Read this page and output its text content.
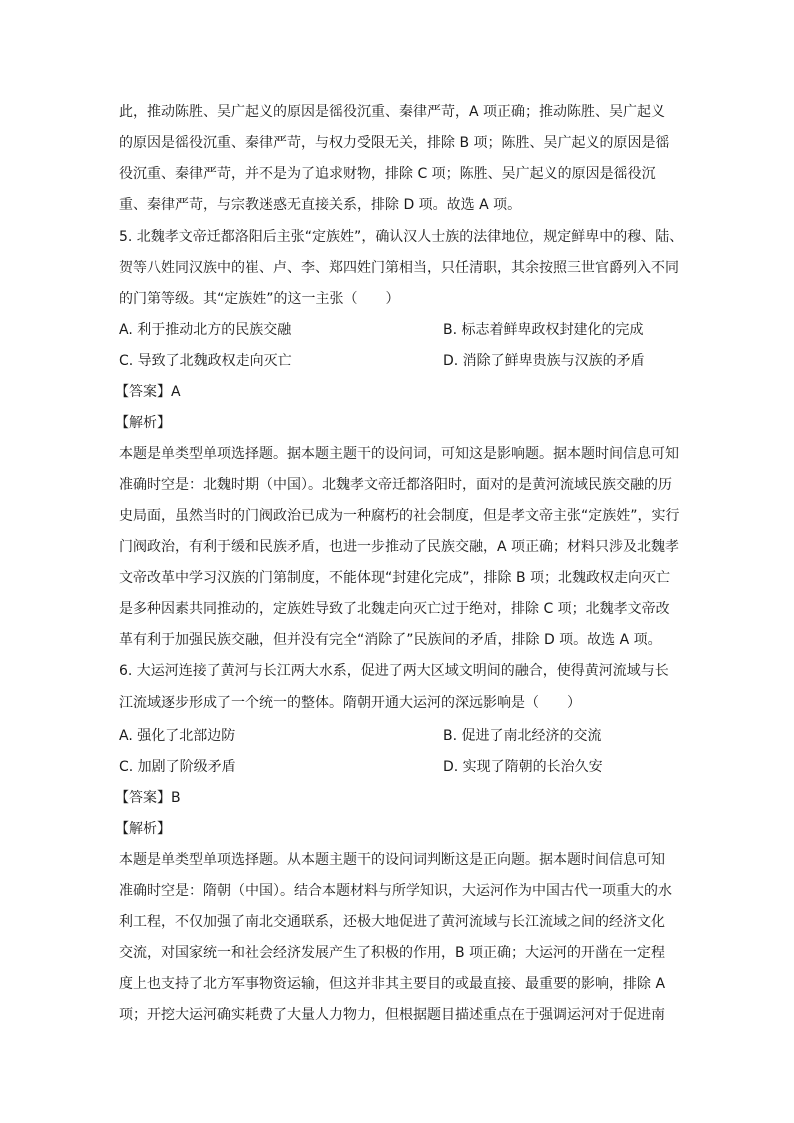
此，推动陈胜、吴广起义的原因是徭役沉重、秦律严苛，A 项正确；推动陈胜、吴广起义
的原因是徭役沉重、秦律严苛，与权力受限无关，排除 B 项；陈胜、吴广起义的原因是徭
役沉重、秦律严苛，并不是为了追求财物，排除 C 项；陈胜、吴广起义的原因是徭役沉
重、秦律严苛，与宗教迷惑无直接关系，排除 D 项。故选 A 项。
5. 北魏孝文帝迁都洛阳后主张“定族姓”，确认汉人士族的法律地位，规定鲜卑中的穆、陆、
贺等八姓同汉族中的崔、卢、李、郑四姓门第相当，只任清职，其余按照三世官爵列入不同
的门第等级。其“定族姓”的这一主张（　　）
A. 利于推动北方的民族交融	B. 标志着鲜卑政权封建化的完成
C. 导致了北魏政权走向灭亡	D. 消除了鲜卑贵族与汉族的矛盾
【答案】A
【解析】
本题是单类型单项选择题。据本题主题干的设问词，可知这是影响题。据本题时间信息可知
准确时空是：北魏时期（中国）。北魏孝文帝迁都洛阳时，面对的是黄河流域民族交融的历
史局面，虽然当时的门阀政治已成为一种腐朽的社会制度，但是孝文帝主张“定族姓”，实行
门阀政治，有利于缓和民族矛盾，也进一步推动了民族交融，A 项正确；材料只涉及北魏孝
文帝改革中学习汉族的门第制度，不能体现“封建化完成”，排除 B 项；北魏政权走向灭亡
是多种因素共同推动的，定族姓导致了北魏走向灭亡过于绝对，排除 C 项；北魏孝文帝改
革有利于加强民族交融，但并没有完全“消除了”民族间的矛盾，排除 D 项。故选 A 项。
6. 大运河连接了黄河与长江两大水系，促进了两大区域文明间的融合，使得黄河流域与长
江流域逐步形成了一个统一的整体。隋朝开通大运河的深远影响是（　　）
A. 强化了北部边防	B. 促进了南北经济的交流
C. 加剧了阶级矛盾	D. 实现了隋朝的长治久安
【答案】B
【解析】
本题是单类型单项选择题。从本题主题干的设问词判断这是正向题。据本题时间信息可知
准确时空是：隋朝（中国）。结合本题材料与所学知识，大运河作为中国古代一项重大的水
利工程，不仅加强了南北交通联系，还极大地促进了黄河流域与长江流域之间的经济文化
交流，对国家统一和社会经济发展产生了积极的作用，B 项正确；大运河的开凿在一定程
度上也支持了北方军事物资运输，但这并非其主要目的或最直接、最重要的影响，排除 A
项；开挖大运河确实耗费了大量人力物力，但根据题目描述重点在于强调运河对于促进南
